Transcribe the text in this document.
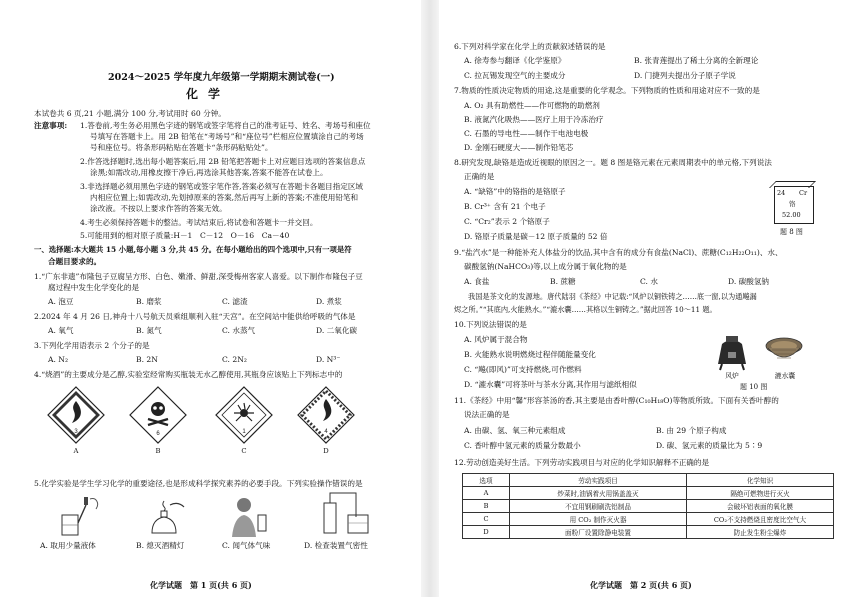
2024～2025 学年度九年级第一学期期末测试卷(一)
化学
本试卷共 6 页,21 小题,满分 100 分,考试用时 60 分钟。
注意事项: 1.答卷前,考生务必用黑色字迹的钢笔或签字笔将自己的准考证号、姓名、考场号和座位
号填写在答题卡上。用 2B 铅笔在“考场号”和“座位号”栏相应位置填涂自己的考场
号和座位号。将条形码粘贴在答题卡“条形码粘贴处”。
2.作答选择题时,选出每小题答案后,用 2B 铅笔把答题卡上对应题目选项的答案信息点
涂黑;如需改动,用橡皮擦干净后,再选涂其他答案,答案不能答在试卷上。
3.非选择题必须用黑色字迹的钢笔或签字笔作答,答案必须写在答题卡各题目指定区域
内相应位置上;如需改动,先划掉原来的答案,然后再写上新的答案;不准使用铅笔和
涂改液。不按以上要求作答的答案无效。
4.考生必须保持答题卡的整洁。考试结束后,将试卷和答题卡一并交回。
5.可能用到的相对原子质量:H－1　C－12　O－16　Ca－40
一、选择题:本大题共 15 小题,每小题 3 分,共 45 分。在每小题给出的四个选项中,只有一项是符
合题目要求的。
1.“广东非遗”布隆包子豆腐呈方形、白色、嫩滑、鲜甜,深受梅州客家人喜爱。以下制作布隆包子豆
腐过程中发生化学变化的是
A. 泡豆	B. 磨浆	C. 滤渣	D. 煮浆
2.2024 年 4 月 26 日,神舟十八号航天员乘组顺利入驻“天宫”。在空间站中能供给呼吸的气体是
A. 氧气	B. 氮气	C. 水蒸气	D. 二氧化碳
3.下列化学用语表示 2 个分子的是
A. N₂	B. 2N	C. 2N₂	D. N³⁻
4.“烧酒”的主要成分是乙醇,实验室经常购买瓶装无水乙醇使用,其瓶身应该贴上下列标志中的
3	6	1	4
A	B	C	D
5.化学实验是学生学习化学的重要途径,也是形成科学探究素养的必要手段。下列实验操作错误的是
A. 取用少量液体	B. 熄灭酒精灯	C. 闻气体气味	D. 检查装置气密性
化学试题　第 1 页(共 6 页)
6.下列对科学家在化学上的贡献叙述错误的是
A. 徐寿参与翻译《化学鉴原》	B. 张青莲提出了稀土分离的全新理论
C. 拉瓦锡发现空气的主要成分	D. 门捷列夫提出分子原子学说
7.物质的性质决定物质的用途,这是重要的化学观念。下列物质的性质和用途对应不一致的是
A. O₂ 具有助燃性——作可燃物的助燃剂
B. 液氮汽化吸热——医疗上用于冷冻治疗
C. 石墨的导电性——制作干电池电极
D. 金刚石硬度大——制作铅笔芯
8.研究发现,缺铬是造成近视眼的原因之一。题 8 图是铬元素在元素周期表中的单元格,下列说法
正确的是
A. “缺铬”中的铬指的是铬原子
B. Cr³⁺ 含有 21 个电子
C. “Cr₂”表示 2 个铬原子
D. 铬原子质量是碳－12 原子质量的 52 倍
24 Cr
铬
52.00
题 8 图
9.“盐汽水”是一种能补充人体盐分的饮品,其中含有的成分有食盐(NaCl)、蔗糖(C₁₂H₂₂O₁₁)、水、
碳酸氢钠(NaHCO₃)等,以上成分属于氧化物的是
A. 食盐	B. 蔗糖	C. 水	D. 碳酸氢钠
我国是茶文化的发源地。唐代陆羽《茶经》中记载:“风炉以铜铁铸之……底一窗,以为通飚漏
烬之所。”“其底内,火能熟水。”“漉水囊……其格以生铜铸之。”据此回答 10～11 题。
10.下列说法错误的是
A. 风炉属于混合物
B. 火能熟水说明燃烧过程伴随能量变化
C. “飚(即风)”可支持燃烧,可作燃料
D. “漉水囊”可将茶叶与茶水分离,其作用与滤纸相似
风炉	漉水囊
题 10 图
11.《茶经》中用“馨”形容茶汤的香,其主要是由香叶醇(C₁₀H₁₈O)等物质所致。下面有关香叶醇的
说法正确的是
A. 由碳、氢、氧三种元素组成	B. 由 29 个原子构成
C. 香叶醇中氢元素的质量分数最小	D. 碳、氢元素的质量比为 5∶9
12.劳动创造美好生活。下列劳动实践项目与对应的化学知识解释不正确的是
选项	劳动实践项目	化学知识
A	炒菜时,油锅着火用锅盖盖灭	隔绝可燃物进行灭火
B	不宜用钢刷刷洗铝制品	会破坏铝表面的氧化膜
C	用 CO₂ 制作灭火器	CO₂不支持燃烧且密度比空气大
D	面粉厂设置除静电装置	防止发生粉尘爆炸
化学试题　第 2 页(共 6 页)
